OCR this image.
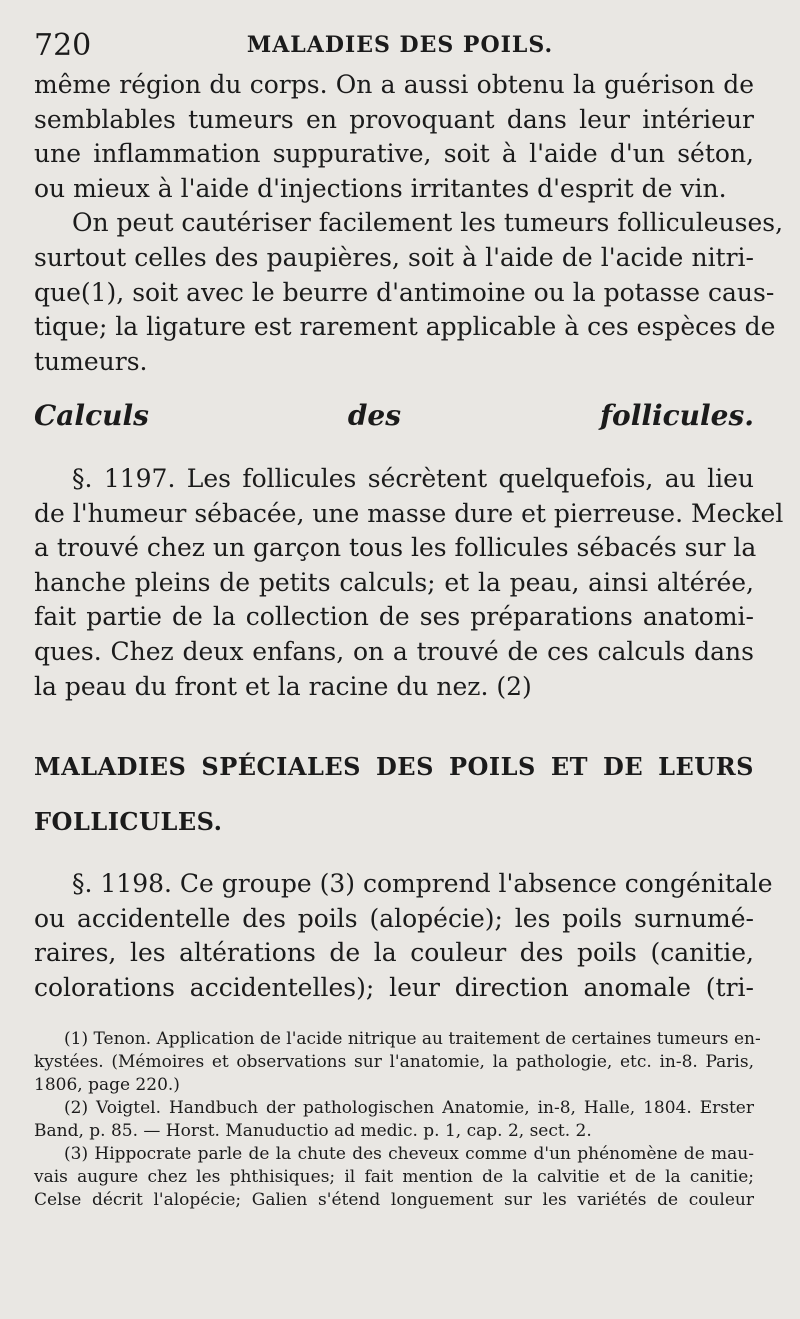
720	MALADIES DES POILS.
même région du corps. On a aussi obtenu la guérison de
semblables tumeurs en provoquant dans leur intérieur
une inflammation suppurative, soit à l'aide d'un séton,
ou mieux à l'aide d'injections irritantes d'esprit de vin.
On peut cautériser facilement les tumeurs folliculeuses,
surtout celles des paupières, soit à l'aide de l'acide nitri-
que(1), soit avec le beurre d'antimoine ou la potasse caus-
tique; la ligature est rarement applicable à ces espèces de
tumeurs.
Calculs des follicules.
§. 1197. Les follicules sécrètent quelquefois, au lieu
de l'humeur sébacée, une masse dure et pierreuse. Meckel
a trouvé chez un garçon tous les follicules sébacés sur la
hanche pleins de petits calculs; et la peau, ainsi altérée,
fait partie de la collection de ses préparations anatomi-
ques. Chez deux enfans, on a trouvé de ces calculs dans
la peau du front et la racine du nez. (2)
MALADIES SPÉCIALES DES POILS ET DE LEURS
FOLLICULES.
§. 1198. Ce groupe (3) comprend l'absence congénitale
ou accidentelle des poils (alopécie); les poils surnumé-
raires, les altérations de la couleur des poils (canitie,
colorations accidentelles); leur direction anomale (tri-
(1) Tenon. Application de l'acide nitrique au traitement de certaines tumeurs en-
kystées. (Mémoires et observations sur l'anatomie, la pathologie, etc. in-8. Paris,
1806, page 220.)
(2) Voigtel. Handbuch der pathologischen Anatomie, in-8, Halle, 1804. Erster
Band, p. 85. — Horst. Manuductio ad medic. p. 1, cap. 2, sect. 2.
(3) Hippocrate parle de la chute des cheveux comme d'un phénomène de mau-
vais augure chez les phthisiques; il fait mention de la calvitie et de la canitie;
Celse décrit l'alopécie; Galien s'étend longuement sur les variétés de couleur
